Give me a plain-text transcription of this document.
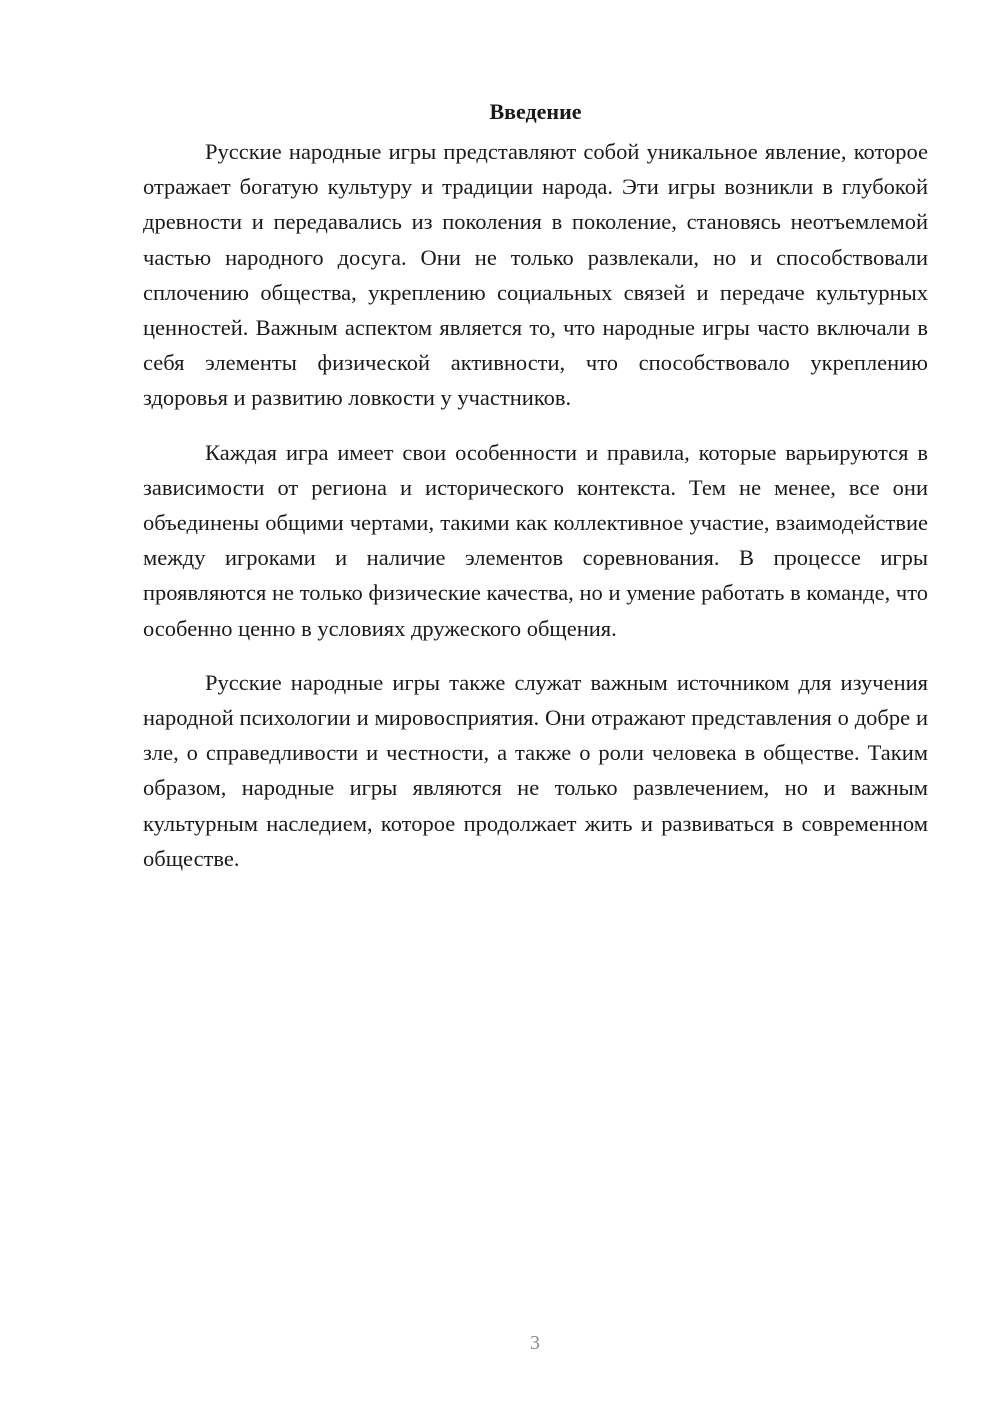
Введение

Русские народные игры представляют собой уникальное явление, которое отражает богатую культуру и традиции народа. Эти игры возникли в глубокой древности и передавались из поколения в поколение, становясь неотъемлемой частью народного досуга. Они не только развлекали, но и способствовали сплочению общества, укреплению социальных связей и передаче культурных ценностей. Важным аспектом является то, что народные игры часто включали в себя элементы физической активности, что способствовало укреплению здоровья и развитию ловкости у участников.

Каждая игра имеет свои особенности и правила, которые варьируются в зависимости от региона и исторического контекста. Тем не менее, все они объединены общими чертами, такими как коллективное участие, взаимодействие между игроками и наличие элементов соревнования. В процессе игры проявляются не только физические качества, но и умение работать в команде, что особенно ценно в условиях дружеского общения.

Русские народные игры также служат важным источником для изучения народной психологии и мировосприятия. Они отражают представления о добре и зле, о справедливости и честности, а также о роли человека в обществе. Таким образом, народные игры являются не только развлечением, но и важным культурным наследием, которое продолжает жить и развиваться в современном обществе.

3
